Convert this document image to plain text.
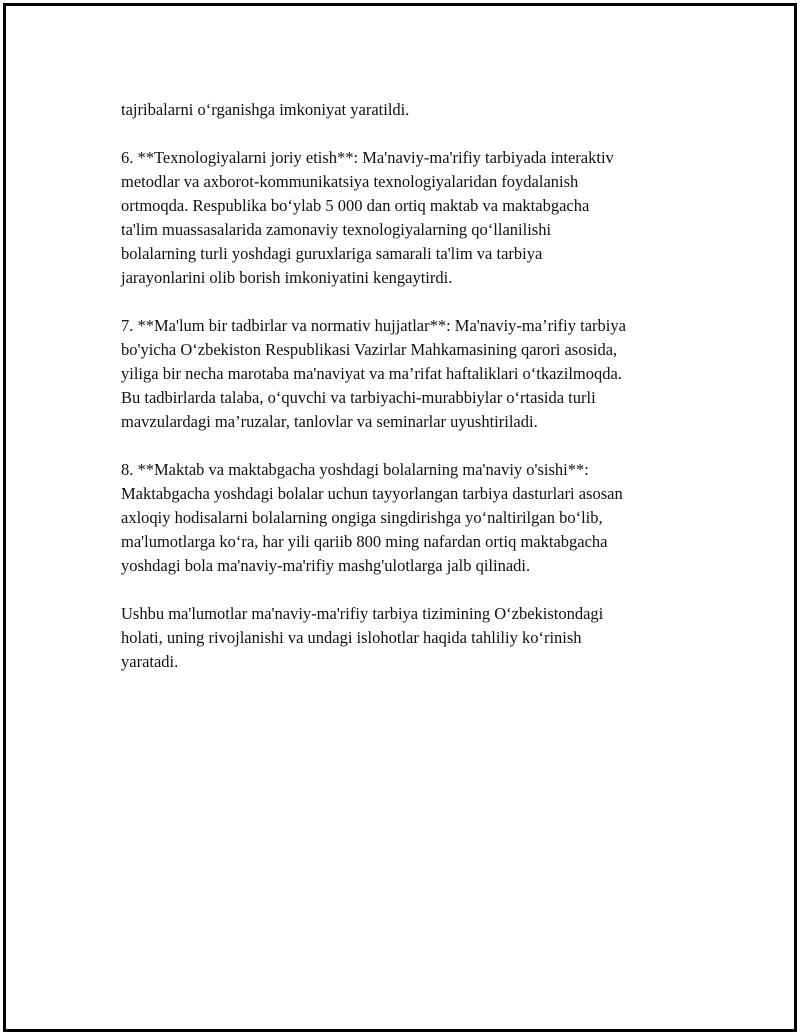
tajribalarni o‘rganishga imkoniyat yaratildi.

6. **Texnologiyalarni joriy etish**: Ma'naviy-ma'rifiy tarbiyada interaktiv
metodlar va axborot-kommunikatsiya texnologiyalaridan foydalanish
ortmoqda. Respublika bo‘ylab 5 000 dan ortiq maktab va maktabgacha
ta'lim muassasalarida zamonaviy texnologiyalarning qo‘llanilishi
bolalarning turli yoshdagi guruxlariga samarali ta'lim va tarbiya
jarayonlarini olib borish imkoniyatini kengaytirdi.

7. **Ma'lum bir tadbirlar va normativ hujjatlar**: Ma'naviy-ma’rifiy tarbiya
bo'yicha O‘zbekiston Respublikasi Vazirlar Mahkamasining qarori asosida,
yiliga bir necha marotaba ma'naviyat va ma’rifat haftaliklari o‘tkazilmoqda.
Bu tadbirlarda talaba, o‘quvchi va tarbiyachi-murabbiylar o‘rtasida turli
mavzulardagi ma’ruzalar, tanlovlar va seminarlar uyushtiriladi.

8. **Maktab va maktabgacha yoshdagi bolalarning ma'naviy o'sishi**:
Maktabgacha yoshdagi bolalar uchun tayyorlangan tarbiya dasturlari asosan
axloqiy hodisalarni bolalarning ongiga singdirishga yo‘naltirilgan bo‘lib,
ma'lumotlarga ko‘ra, har yili qariib 800 ming nafardan ortiq maktabgacha
yoshdagi bola ma'naviy-ma'rifiy mashg'ulotlarga jalb qilinadi.

Ushbu ma'lumotlar ma'naviy-ma'rifiy tarbiya tizimining O‘zbekistondagi
holati, uning rivojlanishi va undagi islohotlar haqida tahliliy ko‘rinish
yaratadi.
